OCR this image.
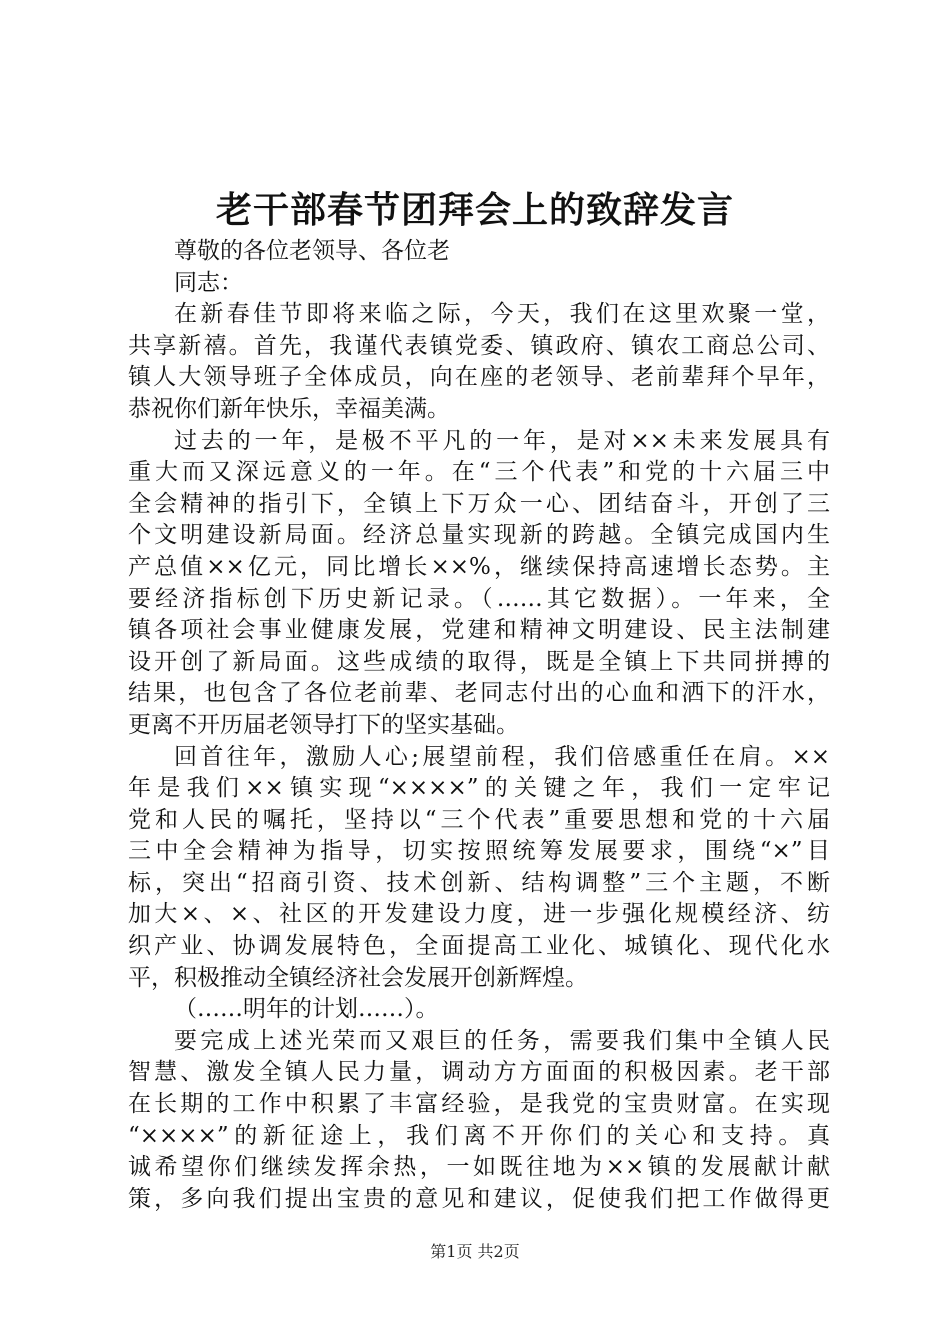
老干部春节团拜会上的致辞发言
尊敬的各位老领导、各位老
同志：
在新春佳节即将来临之际，今天，我们在这里欢聚一堂，
共享新禧。首先，我谨代表镇党委、镇政府、镇农工商总公司、
镇人大领导班子全体成员，向在座的老领导、老前辈拜个早年，
恭祝你们新年快乐，幸福美满。
过去的一年，是极不平凡的一年，是对××未来发展具有
重大而又深远意义的一年。在“三个代表”和党的十六届三中
全会精神的指引下，全镇上下万众一心、团结奋斗，开创了三
个文明建设新局面。经济总量实现新的跨越。全镇完成国内生
产总值××亿元，同比增长××%，继续保持高速增长态势。主
要经济指标创下历史新记录。（……其它数据）。一年来，全
镇各项社会事业健康发展，党建和精神文明建设、民主法制建
设开创了新局面。这些成绩的取得，既是全镇上下共同拼搏的
结果，也包含了各位老前辈、老同志付出的心血和洒下的汗水，
更离不开历届老领导打下的坚实基础。
回首往年，激励人心;展望前程，我们倍感重任在肩。××
年是我们××镇实现“××××”的关键之年，我们一定牢记
党和人民的嘱托，坚持以“三个代表”重要思想和党的十六届
三中全会精神为指导，切实按照统筹发展要求，围绕“×”目
标，突出“招商引资、技术创新、结构调整”三个主题，不断
加大×、×、社区的开发建设力度，进一步强化规模经济、纺
织产业、协调发展特色，全面提高工业化、城镇化、现代化水
平，积极推动全镇经济社会发展开创新辉煌。
（……明年的计划……）。
要完成上述光荣而又艰巨的任务，需要我们集中全镇人民
智慧、激发全镇人民力量，调动方方面面的积极因素。老干部
在长期的工作中积累了丰富经验，是我党的宝贵财富。在实现
“××××”的新征途上，我们离不开你们的关心和支持。真
诚希望你们继续发挥余热，一如既往地为××镇的发展献计献
策，多向我们提出宝贵的意见和建议，促使我们把工作做得更
第1页 共2页
